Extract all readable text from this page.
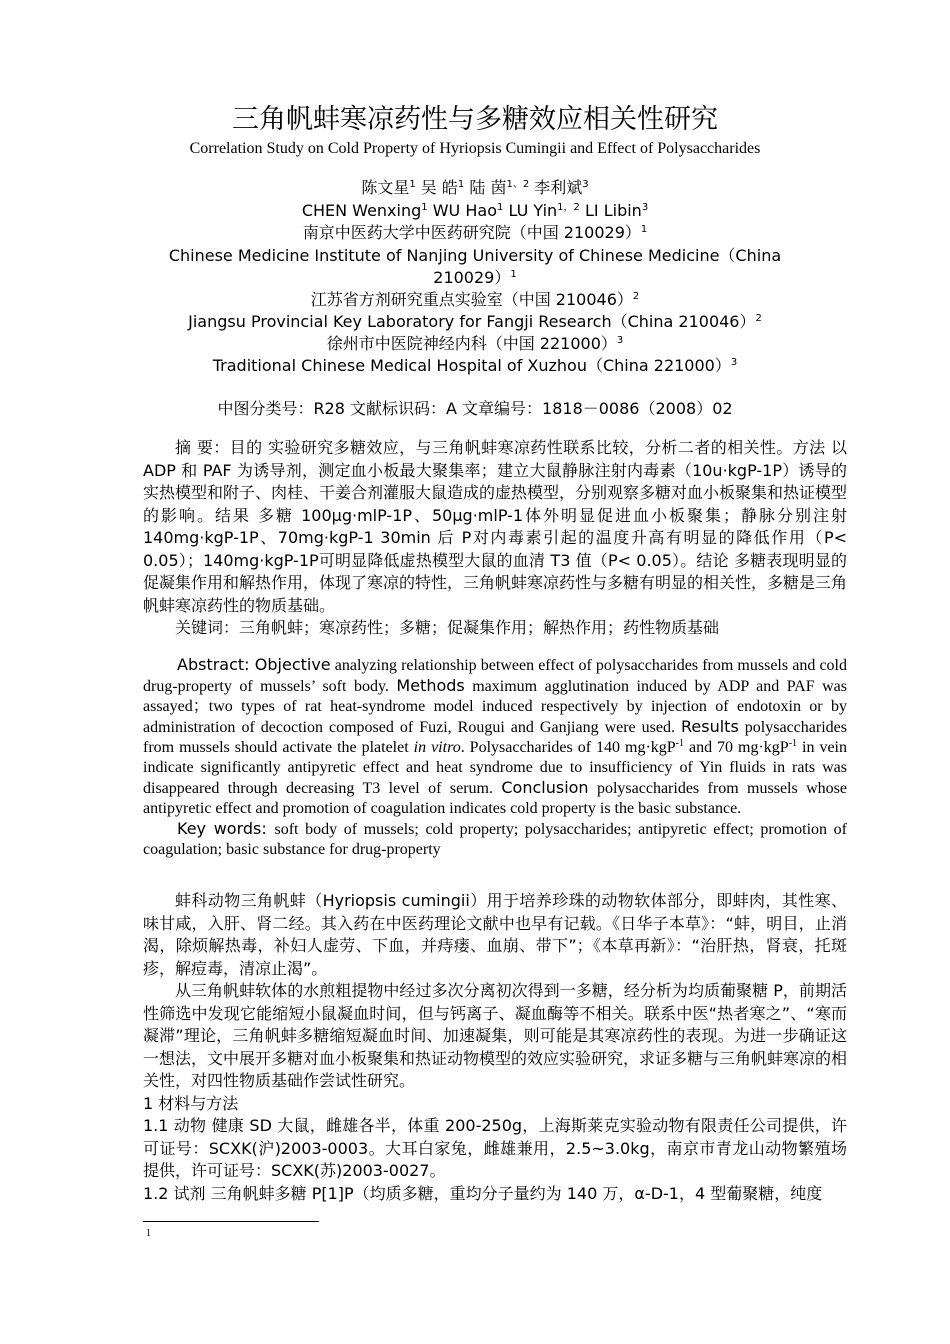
三角帆蚌寒凉药性与多糖效应相关性研究
Correlation Study on Cold Property of Hyriopsis Cumingii and Effect of Polysaccharides
陈文星$^1$ 吴 皓$^1$ 陆 茵$^{1、2}$ 李利斌$^3$
CHEN Wenxing$^1$ WU Hao$^1$ LU Yin$^{1,2}$ LI Libin$^3$
南京中医药大学中医药研究院（中国 210029）$^1$
Chinese Medicine Institute of Nanjing University of Chinese Medicine（China
210029）$^1$
江苏省方剂研究重点实验室（中国 210046）$^2$
Jiangsu Provincial Key Laboratory for Fangji Research（China 210046）$^2$
徐州市中医院神经内科（中国 221000）$^3$
Traditional Chinese Medical Hospital of Xuzhou（China 221000）$^3$
中图分类号：R28 文献标识码：A 文章编号：1818－0086（2008）02

摘 要：目的 实验研究多糖效应，与三角帆蚌寒凉药性联系比较，分析二者的相关性。方法 以 ADP 和 PAF 为诱导剂，测定血小板最大聚集率；建立大鼠静脉注射内毒素（10u·kgP-1P）诱导的实热模型和附子、肉桂、干姜合剂灌服大鼠造成的虚热模型，分别观察多糖对血小板聚集和热证模型的影响。结果 多糖 100µg·mlP-1P、50µg·mlP-1体外明显促进血小板聚集；静脉分别注射 140mg·kgP-1P、70mg·kgP-1 30min 后 P对内毒素引起的温度升高有明显的降低作用（P< 0.05）；140mg·kgP-1P可明显降低虚热模型大鼠的血清 T3 值（P< 0.05）。结论 多糖表现明显的促凝集作用和解热作用，体现了寒凉的特性，三角帆蚌寒凉药性与多糖有明显的相关性，多糖是三角帆蚌寒凉药性的物质基础。

关键词：三角帆蚌；寒凉药性；多糖；促凝集作用；解热作用；药性物质基础

Abstract: Objective analyzing relationship between effect of polysaccharides from mussels and cold drug-property of mussels’ soft body. Methods maximum agglutination induced by ADP and PAF was assayed；two types of rat heat-syndrome model induced respectively by injection of endotoxin or by administration of decoction composed of Fuzi, Rougui and Ganjiang were used. Results polysaccharides from mussels should activate the platelet in vitro. Polysaccharides of 140 mg·kgP$^{-1}$ and 70 mg·kgP$^{-1}$ in vein indicate significantly antipyretic effect and heat syndrome due to insufficiency of Yin fluids in rats was disappeared through decreasing T3 level of serum. Conclusion polysaccharides from mussels whose antipyretic effect and promotion of coagulation indicates cold property is the basic substance.

Key words: soft body of mussels; cold property; polysaccharides; antipyretic effect; promotion of coagulation; basic substance for drug-property

蚌科动物三角帆蚌（Hyriopsis cumingii）用于培养珍珠的动物软体部分，即蚌肉，其性寒、味甘咸，入肝、肾二经。其入药在中医药理论文献中也早有记载。《日华子本草》：“蚌，明目，止消渴，除烦解热毒，补妇人虚劳、下血，并痔瘘、血崩、带下”；《本草再新》：“治肝热，肾衰，托斑疹，解痘毒，清凉止渴”。

从三角帆蚌软体的水煎粗提物中经过多次分离初次得到一多糖，经分析为均质葡聚糖 P，前期活性筛选中发现它能缩短小鼠凝血时间，但与钙离子、凝血酶等不相关。联系中医“热者寒之”、“寒而凝滞”理论，三角帆蚌多糖缩短凝血时间、加速凝集，则可能是其寒凉药性的表现。为进一步确证这一想法，文中展开多糖对血小板聚集和热证动物模型的效应实验研究，求证多糖与三角帆蚌寒凉的相关性，对四性物质基础作尝试性研究。

1 材料与方法

1.1 动物 健康 SD 大鼠，雌雄各半，体重 200-250g，上海斯莱克实验动物有限责任公司提供，许可证号：SCXK(沪)2003-0003。大耳白家兔，雌雄兼用，2.5~3.0kg，南京市青龙山动物繁殖场提供，许可证号：SCXK(苏)2003-0027。

1.2 试剂 三角帆蚌多糖 P[1]P（均质多糖，重均分子量约为 140 万，α-D-1，4 型葡聚糖，纯度

1
